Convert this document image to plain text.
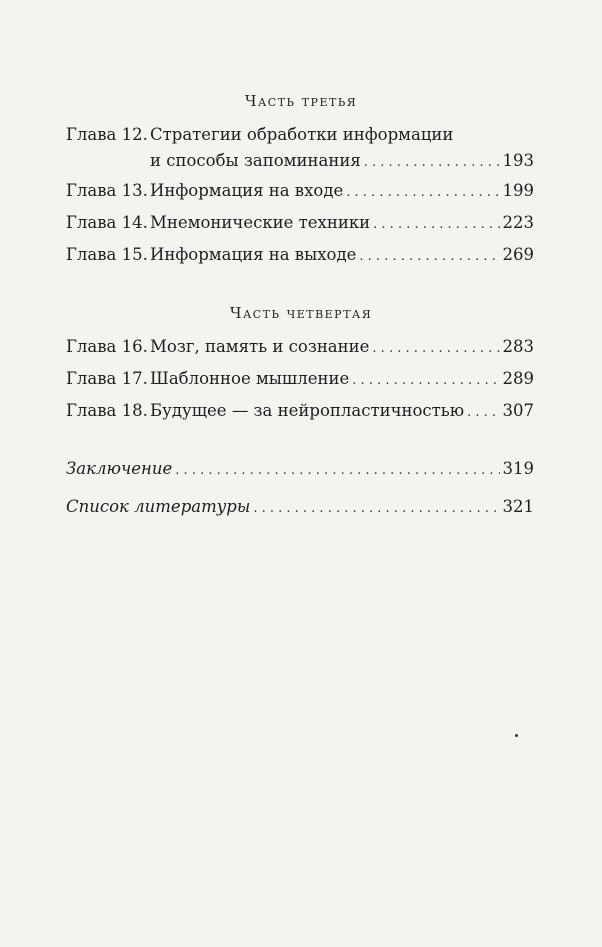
Часть третья
Глава 12. Стратегии обработки информации
и способы запоминания . . .	193
Глава 13. Информация на входе . . .	199
Глава 14. Мнемонические техники . . .	223
Глава 15. Информация на выходе . . .	269
Часть четвертая
Глава 16. Мозг, память и сознание . . .	283
Глава 17. Шаблонное мышление . . .	289
Глава 18. Будущее — за нейропластичностью . . . 307
Заключение . . .	319
Список литературы . . .	321
